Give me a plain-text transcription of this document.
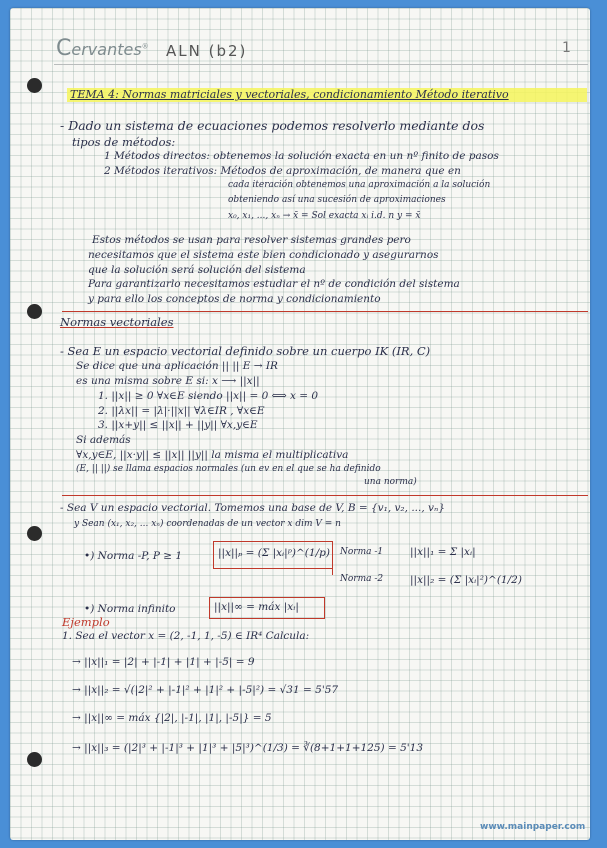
Cervantes® ALN (b2)	1
TEMA 4: Normas matriciales y vectoriales, condicionamiento Método iterativo
- Dado un sistema de ecuaciones podemos resolverlo mediante dos
tipos de métodos:
1 Métodos directos: obtenemos la solución exacta en un nº finito de pasos
2 Métodos iterativos: Métodos de aproximación, de manera que en
cada iteración obtenemos una aproximación a la solución
obteniendo así una sucesión de aproximaciones
x₀, x₁, ..., xₙ → x̄ = Sol exacta xᵢ i.d. n y = x̄
Estos métodos se usan para resolver sistemas grandes pero
necesitamos que el sistema este bien condicionado y asegurarnos
que la solución será solución del sistema
Para garantizarlo necesitamos estudiar el nº de condición del sistema
y para ello los conceptos de norma y condicionamiento
Normas vectoriales
- Sea E un espacio vectorial definido sobre un cuerpo IK (IR, C)
Se dice que una aplicación || || E → IR
es una misma sobre E si: x ⟶ ||x||
1. ||x|| ≥ 0 ∀x∈E siendo ||x|| = 0 ⟺ x = 0
2. ||λx|| = |λ|·||x|| ∀λ∈IR , ∀x∈E
3. ||x+y|| ≤ ||x|| + ||y|| ∀x,y∈E
Si además
∀x,y∈E, ||x·y|| ≤ ||x|| ||y|| la misma el multiplicativa
(E, || ||) se llama espacios normales (un ev en el que se ha definido
una norma)
- Sea V un espacio vectorial. Tomemos una base de V, B = {v₁, v₂, ..., vₙ}
y Sean (x₁, x₂, ... xₙ) coordenadas de un vector x dim V = n
•) Norma -P, P ≥ 1	||x||ₚ = (Σ |xᵢ|ᵖ)^(1/p) Norma -1	||x||₁ = Σ |xᵢ|
Norma -2	||x||₂ = (Σ |xᵢ|²)^(1/2)
•) Norma infinito	||x||∞ = máx |xᵢ|
Ejemplo
1. Sea el vector x = (2, -1, 1, -5) ∈ IR⁴ Calcula:
→ ||x||₁ = |2| + |-1| + |1| + |-5| = 9
→ ||x||₂ = √(|2|² + |-1|² + |1|² + |-5|²) = √31 = 5'57
→ ||x||∞ = máx {|2|, |-1|, |1|, |-5|} = 5
→ ||x||₃ = (|2|³ + |-1|³ + |1|³ + |5|³)^(1/3) = ∛(8+1+1+125) = 5'13
www.mainpaper.com
